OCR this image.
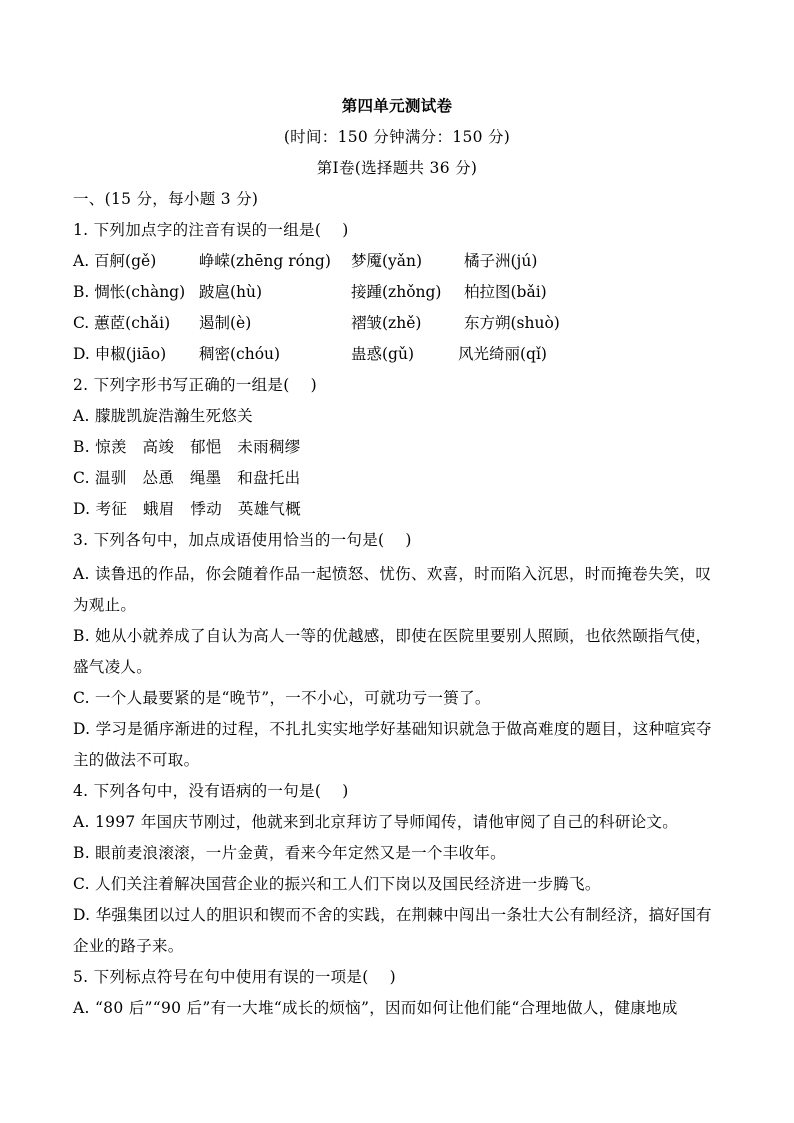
第四单元测试卷
(时间：150 分钟满分：150 分)
第Ⅰ卷(选择题共 36 分)
一、(15 分，每小题 3 分)
1. 下列加点字的注音有误的一组是(　 )
A. 百舸(gě)	峥嵘(zhēng róng) 梦魇(yǎn)	橘子洲(jú)
B. 惆怅(chàng) 跛扈(hù)	接踵(zhǒng) 柏拉图(bǎi)
C. 蕙茝(chǎi) 遏制(è)	褶皱(zhě)	东方朔(shuò)
D. 申椒(jiāo) 稠密(chóu)	蛊惑(gǔ)	风光绮丽(qǐ)
2. 下列字形书写正确的一组是(　 )
A. 朦胧凯旋浩瀚生死悠关
B. 惊羡　高竣　郁悒　未雨稠缪
C. 温驯　怂恿　绳墨　和盘托出
D. 考征　蛾眉　悸动　英雄气概
3. 下列各句中，加点成语使用恰当的一句是(　 )
A. 读鲁迅的作品，你会随着作品一起愤怒、忧伤、欢喜，时而陷入沉思，时而掩卷失笑，叹
为观止。
B. 她从小就养成了自认为高人一等的优越感，即使在医院里要别人照顾，也依然颐指气使，
盛气凌人。
C. 一个人最要紧的是“晚节”，一不小心，可就功亏一篑了。
D. 学习是循序渐进的过程，不扎扎实实地学好基础知识就急于做高难度的题目，这种喧宾夺
主的做法不可取。
4. 下列各句中，没有语病的一句是(　 )
A. 1997 年国庆节刚过，他就来到北京拜访了导师闻传，请他审阅了自己的科研论文。
B. 眼前麦浪滚滚，一片金黄，看来今年定然又是一个丰收年。
C. 人们关注着解决国营企业的振兴和工人们下岗以及国民经济进一步腾飞。
D. 华强集团以过人的胆识和锲而不舍的实践，在荆棘中闯出一条壮大公有制经济，搞好国有
企业的路子来。
5. 下列标点符号在句中使用有误的一项是(　 )
A. “80 后”“90 后”有一大堆“成长的烦恼”，因而如何让他们能“合理地做人，健康地成
